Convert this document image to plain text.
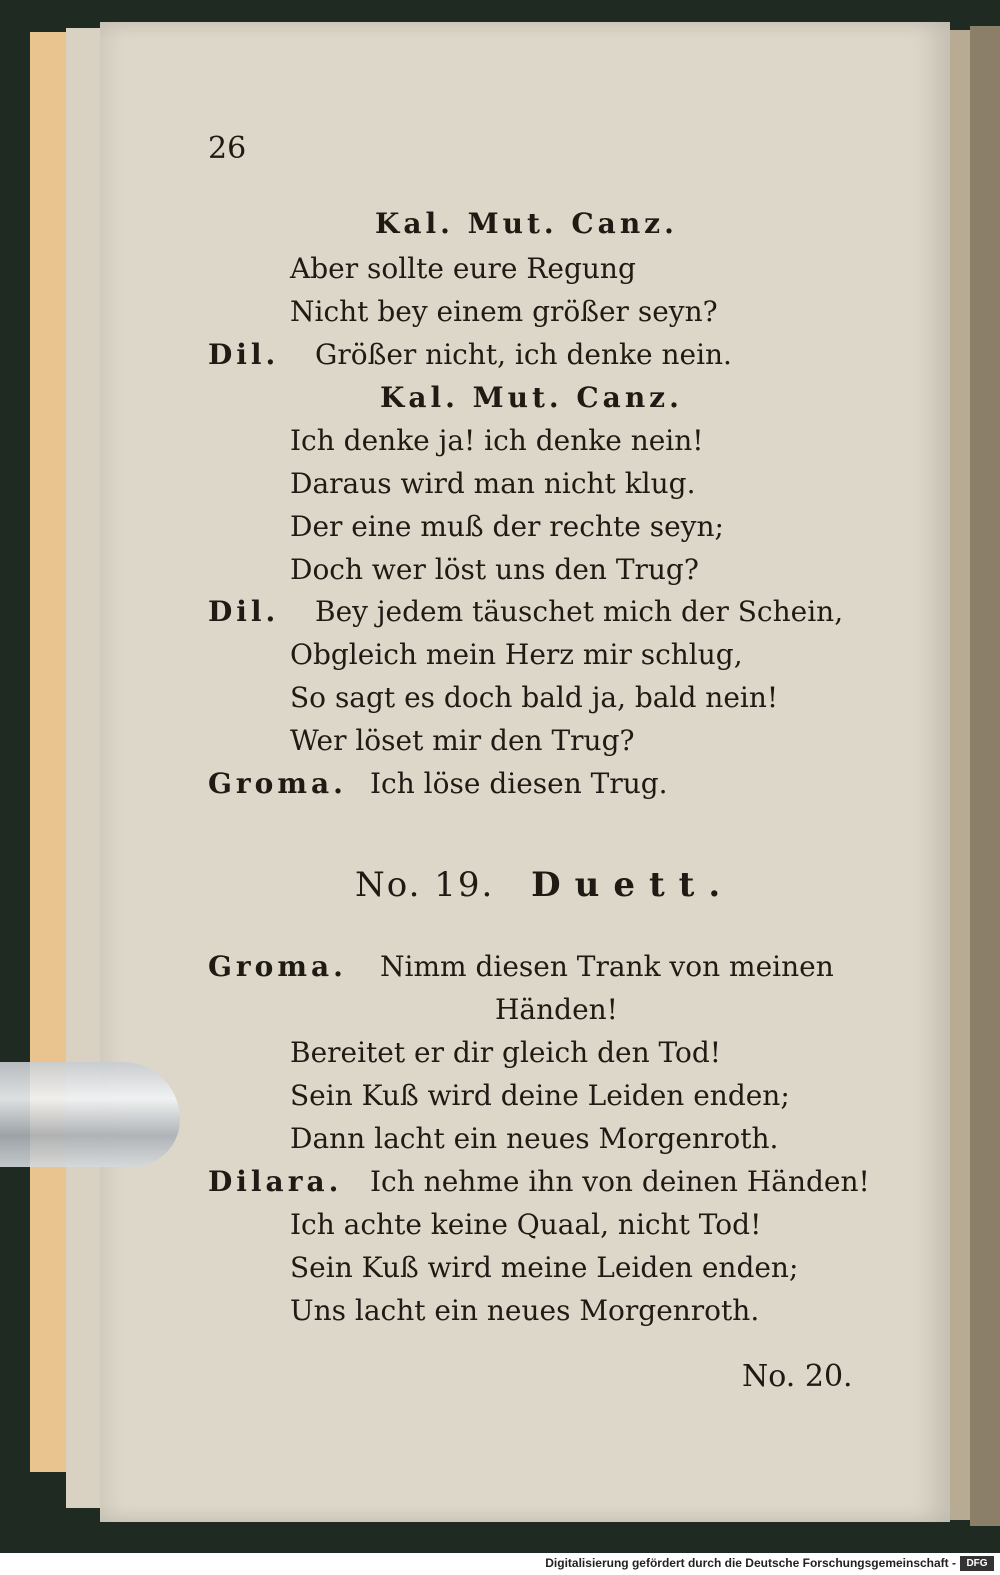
26
Kal. Mut. Canz.
Aber sollte eure Regung
Nicht bey einem größer seyn?
Dil. Größer nicht, ich denke nein.
Kal. Mut. Canz.
Ich denke ja! ich denke nein!
Daraus wird man nicht klug.
Der eine muß der rechte seyn;
Doch wer löst uns den Trug?
Dil. Bey jedem täuschet mich der Schein,
Obgleich mein Herz mir schlug,
So sagt es doch bald ja, bald nein!
Wer löset mir den Trug?
Groma. Ich löse diesen Trug.
No. 19. Duett.
Groma. Nimm diesen Trank von meinen
Händen!
Bereitet er dir gleich den Tod!
Sein Kuß wird deine Leiden enden;
Dann lacht ein neues Morgenroth.
Dilara. Ich nehme ihn von deinen Händen!
Ich achte keine Quaal, nicht Tod!
Sein Kuß wird meine Leiden enden;
Uns lacht ein neues Morgenroth.
No. 20.
Digitalisierung gefördert durch die Deutsche Forschungsgemeinschaft -	DFG
